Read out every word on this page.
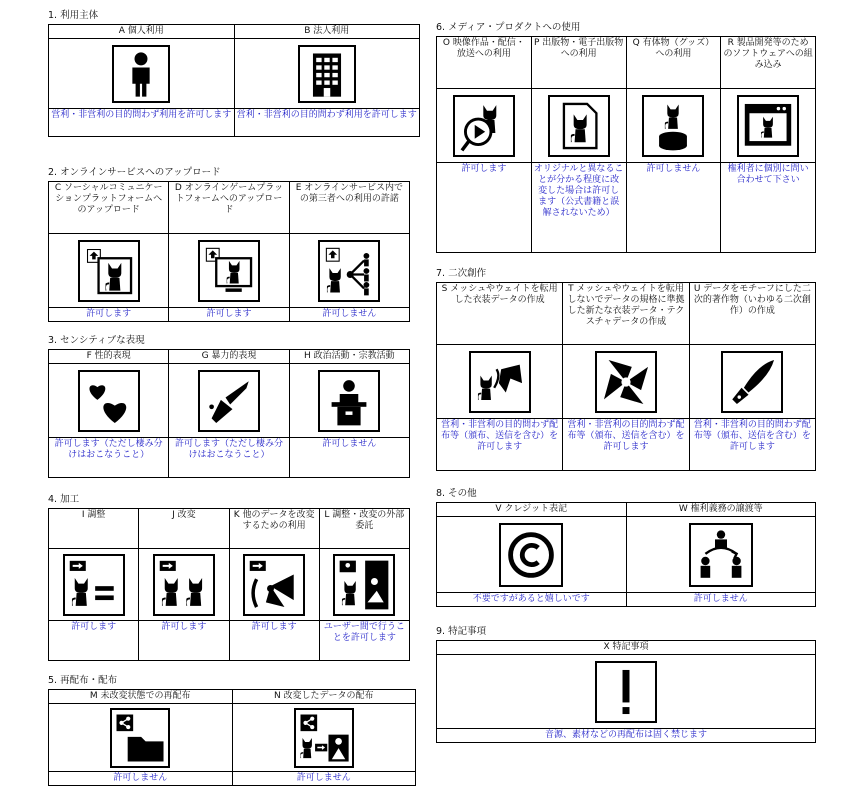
1. 利用主体
A 個人利用	B 法人利用

営利・非営利の目的問わず利用を許可します	営利・非営利の目的問わず利用を許可します
2. オンラインサービスへのアップロード
C ソーシャルコミュニケーションプラットフォームへのアップロード	D オンラインゲームプラットフォームへのアップロード	E オンラインサービス内での第三者への利用の許諾

許可します	許可します	許可しません
3. センシティブな表現
F 性的表現	G 暴力的表現	H 政治活動・宗教活動

許可します（ただし棲み分けはおこなうこと）	許可します（ただし棲み分けはおこなうこと）	許可しません
4. 加工
I 調整	J 改変	K 他のデータを改変するための利用	L 調整・改変の外部委託

許可します	許可します	許可します	ユーザー間で行うことを許可します
5. 再配布・配布
M 未改変状態での再配布	N 改変したデータの配布

許可しません	許可しません
6. メディア・プロダクトへの使用
O 映像作品・配信・放送への利用	P 出版物・電子出版物への利用	Q 有体物（グッズ）への利用	R 製品開発等のためのソフトウェアへの組み込み

許可します	オリジナルと異なることが分かる程度に改変した場合は許可します（公式書籍と誤解されないため）	許可しません	権利者に個別に問い合わせて下さい
7. 二次創作
S メッシュやウェイトを転用した衣装データの作成	T メッシュやウェイトを転用しないでデータの規格に準拠した新たな衣装データ・テクスチャデータの作成	U データをモチーフにした二次的著作物（いわゆる二次創作）の作成

営利・非営利の目的問わず配布等（頒布、送信を含む）を許可します	営利・非営利の目的問わず配布等（頒布、送信を含む）を許可します	営利・非営利の目的問わず配布等（頒布、送信を含む）を許可します
8. その他
V クレジット表記	W 権利義務の譲渡等

不要ですがあると嬉しいです	許可しません
9. 特記事項
X 特記事項

音源、素材などの再配布は固く禁じます
